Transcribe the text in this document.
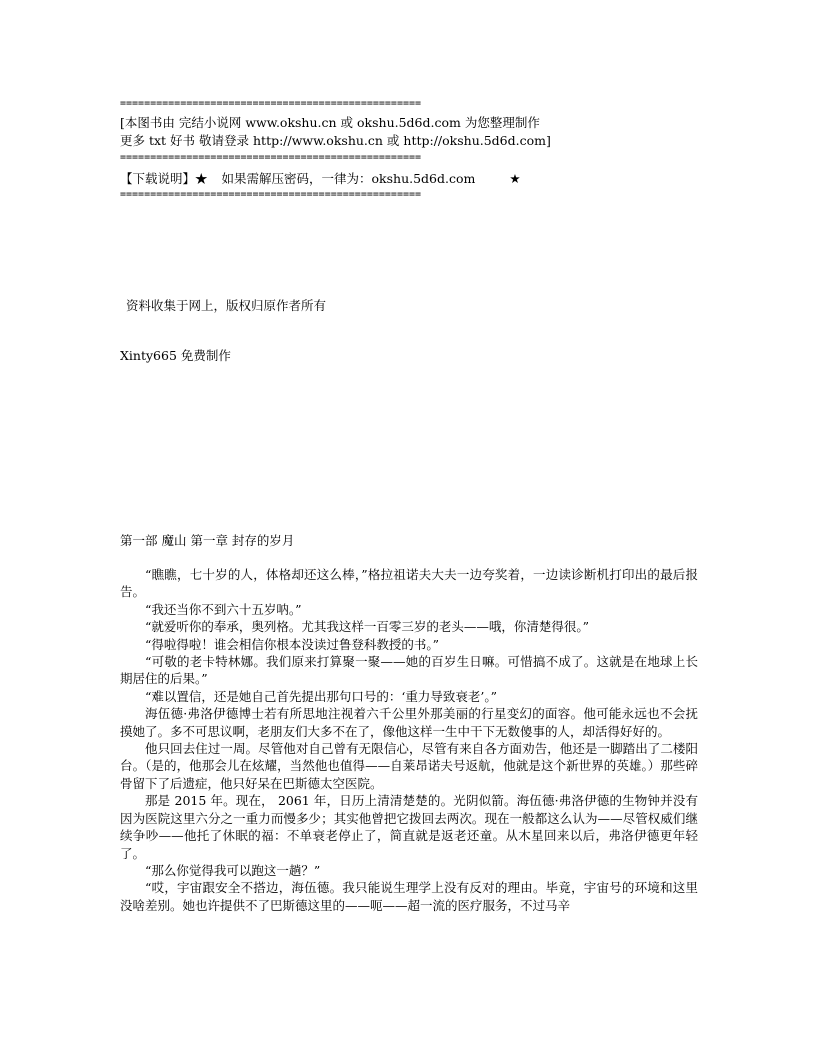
==================================================
[本图书由 完结小说网 www.okshu.cn 或 okshu.5d6d.com 为您整理制作
更多 txt 好书 敬请登录 http://www.okshu.cn 或 http://okshu.5d6d.com]
==================================================
【下载说明】★ 如果需解压密码，一律为：okshu.5d6d.com	★
==================================================
资料收集于网上，版权归原作者所有
Xinty665 免费制作
第一部 魔山 第一章 封存的岁月

“瞧瞧，七十岁的人，体格却还这么棒，”格拉祖诺夫大夫一边夸奖着，一边读诊断机打印出的最后报告。

“我还当你不到六十五岁呐。”

“就爱听你的奉承，奥列格。尤其我这样一百零三岁的老头——哦，你清楚得很。”

“得啦得啦！谁会相信你根本没读过鲁登科教授的书。”

“可敬的老卡特林娜。我们原来打算聚一聚——她的百岁生日嘛。可惜搞不成了。这就是在地球上长期居住的后果。”

“难以置信，还是她自己首先提出那句口号的：‘重力导致衰老’。”

海伍德·弗洛伊德博士若有所思地注视着六千公里外那美丽的行星变幻的面容。他可能永远也不会抚摸她了。多不可思议啊，老朋友们大多不在了，像他这样一生中干下无数傻事的人，却活得好好的。

他只回去住过一周。尽管他对自己曾有无限信心，尽管有来自各方面劝告，他还是一脚踏出了二楼阳台。（是的，他那会儿在炫耀，当然他也值得——自莱昂诺夫号返航，他就是这个新世界的英雄。）那些碎骨留下了后遗症，他只好呆在巴斯德太空医院。

那是 2015 年。现在， 2061 年，日历上清清楚楚的。光阴似箭。海伍德·弗洛伊德的生物钟并没有因为医院这里六分之一重力而慢多少；其实他曾把它拨回去两次。现在一般都这么认为——尽管权威们继续争吵——他托了休眠的福：不单衰老停止了，简直就是返老还童。从木星回来以后，弗洛伊德更年轻了。

“那么你觉得我可以跑这一趟？”

“哎，宇宙跟安全不搭边，海伍德。我只能说生理学上没有反对的理由。毕竟，宇宙号的环境和这里没啥差别。她也许提供不了巴斯德这里的——呃——超一流的医疗服务，不过马辛
